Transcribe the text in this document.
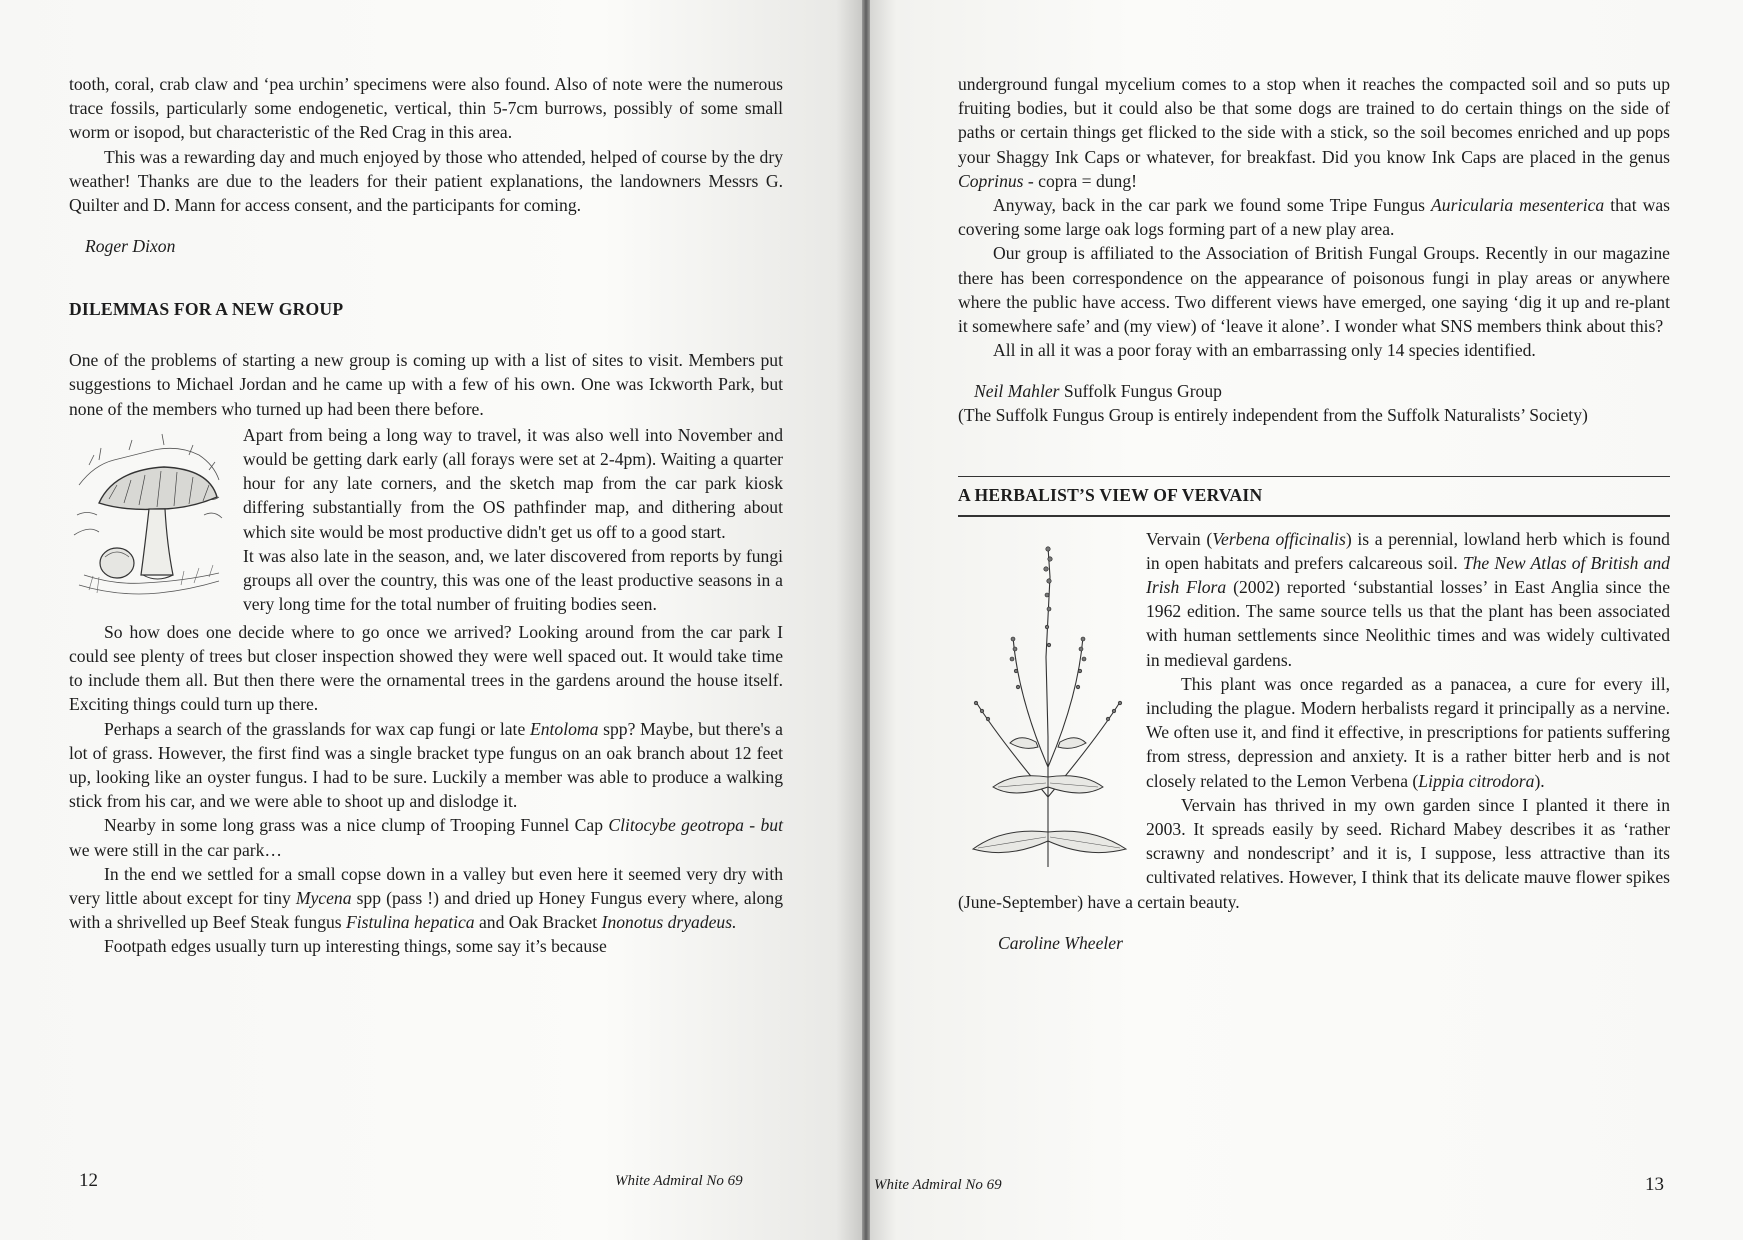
tooth, coral, crab claw and ‘pea urchin’ specimens were also found. Also of note were the numerous trace fossils, particularly some endogenetic, vertical, thin 5-7cm burrows, possibly of some small worm or isopod, but characteristic of the Red Crag in this area.

This was a rewarding day and much enjoyed by those who attended, helped of course by the dry weather! Thanks are due to the leaders for their patient explanations, the landowners Messrs G. Quilter and D. Mann for access consent, and the participants for coming.

Roger Dixon
DILEMMAS FOR A NEW GROUP

One of the problems of starting a new group is coming up with a list of sites to visit. Members put suggestions to Michael Jordan and he came up with a few of his own. One was Ickworth Park, but none of the members who turned up had been there before.

Apart from being a long way to travel, it was also well into November and would be getting dark early (all forays were set at 2-4pm). Waiting a quarter hour for any late corners, and the sketch map from the car park kiosk differing substantially from the OS pathfinder map, and dithering about which site would be most productive didn't get us off to a good start.

It was also late in the season, and, we later discovered from reports by fungi groups all over the country, this was one of the least productive seasons in a very long time for the total number of fruiting bodies seen.

So how does one decide where to go once we arrived? Looking around from the car park I could see plenty of trees but closer inspection showed they were well spaced out. It would take time to include them all. But then there were the ornamental trees in the gardens around the house itself. Exciting things could turn up there.

Perhaps a search of the grasslands for wax cap fungi or late Entoloma spp? Maybe, but there's a lot of grass. However, the first find was a single bracket type fungus on an oak branch about 12 feet up, looking like an oyster fungus. I had to be sure. Luckily a member was able to produce a walking stick from his car, and we were able to shoot up and dislodge it.

Nearby in some long grass was a nice clump of Trooping Funnel Cap Clitocybe geotropa - but we were still in the car park…

In the end we settled for a small copse down in a valley but even here it seemed very dry with very little about except for tiny Mycena spp (pass !) and dried up Honey Fungus every where, along with a shrivelled up Beef Steak fungus Fistulina hepatica and Oak Bracket Inonotus dryadeus.

Footpath edges usually turn up interesting things, some say it’s because

12	White Admiral No 69

underground fungal mycelium comes to a stop when it reaches the compacted soil and so puts up fruiting bodies, but it could also be that some dogs are trained to do certain things on the side of paths or certain things get flicked to the side with a stick, so the soil becomes enriched and up pops your Shaggy Ink Caps or whatever, for breakfast. Did you know Ink Caps are placed in the genus Coprinus - copra = dung!

Anyway, back in the car park we found some Tripe Fungus Auricularia mesenterica that was covering some large oak logs forming part of a new play area.

Our group is affiliated to the Association of British Fungal Groups. Recently in our magazine there has been correspondence on the appearance of poisonous fungi in play areas or anywhere where the public have access. Two different views have emerged, one saying ‘dig it up and re-plant it somewhere safe’ and (my view) of ‘leave it alone’. I wonder what SNS members think about this?

All in all it was a poor foray with an embarrassing only 14 species identified.

Neil Mahler Suffolk Fungus Group

(The Suffolk Fungus Group is entirely independent from the Suffolk Naturalists’ Society)

A HERBALIST’S VIEW OF VERVAIN

Vervain (Verbena officinalis) is a perennial, lowland herb which is found in open habitats and prefers calcareous soil. The New Atlas of British and Irish Flora (2002) reported ‘substantial losses’ in East Anglia since the 1962 edition. The same source tells us that the plant has been associated with human settlements since Neolithic times and was widely cultivated in medieval gardens.

This plant was once regarded as a panacea, a cure for every ill, including the plague. Modern herbalists regard it principally as a nervine. We often use it, and find it effective, in prescriptions for patients suffering from stress, depression and anxiety. It is a rather bitter herb and is not closely related to the Lemon Verbena (Lippia citrodora).

Vervain has thrived in my own garden since I planted it there in 2003. It spreads easily by seed. Richard Mabey describes it as ‘rather scrawny and nondescript’ and it is, I suppose, less attractive than its cultivated relatives. However, I think that its delicate mauve flower spikes (June-September) have a certain beauty.

Caroline Wheeler
White Admiral No 69	13
